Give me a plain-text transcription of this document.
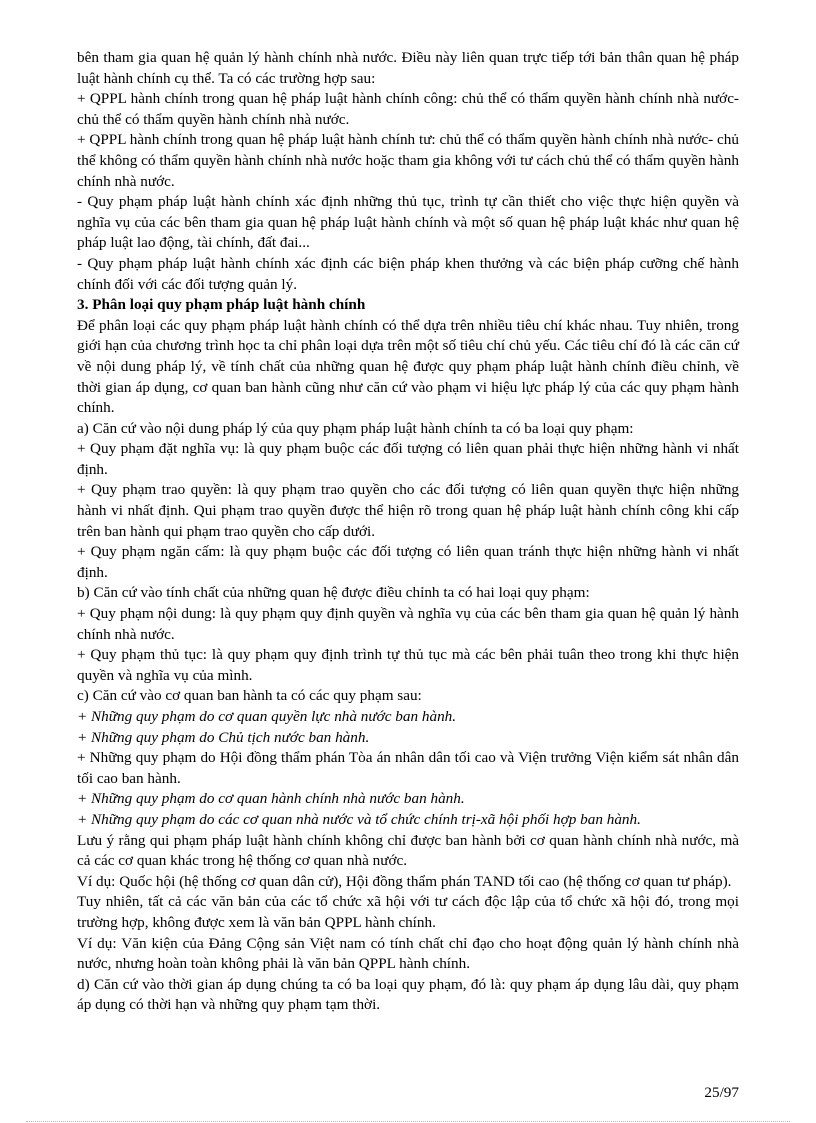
bên tham gia quan hệ quản lý hành chính nhà nước. Điều này liên quan trực tiếp tới bản thân quan hệ pháp luật hành chính cụ thể. Ta có các trường hợp sau:

+ QPPL hành chính trong quan hệ pháp luật hành chính công: chủ thể có thẩm quyền hành chính nhà nước- chủ thể có thẩm quyền hành chính nhà nước.

+ QPPL hành chính trong quan hệ pháp luật hành chính tư: chủ thể có thẩm quyền hành chính nhà nước- chủ thể không có thẩm quyền hành chính nhà nước hoặc tham gia không với tư cách chủ thể có thẩm quyền hành chính nhà nước.

- Quy phạm pháp luật hành chính xác định những thủ tục, trình tự cần thiết cho việc thực hiện quyền và nghĩa vụ của các bên tham gia quan hệ pháp luật hành chính và một số quan hệ pháp luật khác như quan hệ pháp luật lao động, tài chính, đất đai...

- Quy phạm pháp luật hành chính xác định các biện pháp khen thưởng và các biện pháp cưỡng chế hành chính đối với các đối tượng quản lý.

3. Phân loại quy phạm pháp luật hành chính

Để phân loại các quy phạm pháp luật hành chính có thể dựa trên nhiều tiêu chí khác nhau. Tuy nhiên, trong giới hạn của chương trình học ta chỉ phân loại dựa trên một số tiêu chí chủ yếu. Các tiêu chí đó là các căn cứ về nội dung pháp lý, về tính chất của những quan hệ được quy phạm pháp luật hành chính điều chỉnh, về thời gian áp dụng, cơ quan ban hành cũng như căn cứ vào phạm vi hiệu lực pháp lý của các quy phạm hành chính.

a) Căn cứ vào nội dung pháp lý của quy phạm pháp luật hành chính ta có ba loại quy phạm:

+ Quy phạm đặt nghĩa vụ: là quy phạm buộc các đối tượng có liên quan phải thực hiện những hành vi nhất định.

+ Quy phạm trao quyền: là quy phạm trao quyền cho các đối tượng có liên quan quyền thực hiện những hành vi nhất định. Qui phạm trao quyền được thể hiện rõ trong quan hệ pháp luật hành chính công khi cấp trên ban hành qui phạm trao quyền cho cấp dưới.

+ Quy phạm ngăn cấm: là quy phạm buộc các đối tượng có liên quan tránh thực hiện những hành vi nhất định.

b) Căn cứ vào tính chất của những quan hệ được điều chỉnh ta có hai loại quy phạm:

+ Quy phạm nội dung: là quy phạm quy định quyền và nghĩa vụ của các bên tham gia quan hệ quản lý hành chính nhà nước.

+ Quy phạm thủ tục: là quy phạm quy định trình tự thủ tục mà các bên phải tuân theo trong khi thực hiện quyền và nghĩa vụ của mình.

c) Căn cứ vào cơ quan ban hành ta có các quy phạm sau:

+ Những quy phạm do cơ quan quyền lực nhà nước ban hành.

+ Những quy phạm do Chủ tịch nước ban hành.

+ Những quy phạm do Hội đồng thẩm phán Tòa án nhân dân tối cao và Viện trưởng Viện kiểm sát nhân dân tối cao ban hành.

+ Những quy phạm do cơ quan hành chính nhà nước ban hành.

+ Những quy phạm do các cơ quan nhà nước và tổ chức chính trị-xã hội phối hợp ban hành.

Lưu ý rằng qui phạm pháp luật hành chính không chỉ được ban hành bởi cơ quan hành chính nhà nước, mà cả các cơ quan khác trong hệ thống cơ quan nhà nước.

Ví dụ: Quốc hội (hệ thống cơ quan dân cử), Hội đồng thẩm phán TAND tối cao (hệ thống cơ quan tư pháp).

Tuy nhiên, tất cả các văn bản của các tổ chức xã hội với tư cách độc lập của tổ chức xã hội đó, trong mọi trường hợp, không được xem là văn bản QPPL hành chính.

Ví dụ: Văn kiện của Đảng Cộng sản Việt nam có tính chất chỉ đạo cho hoạt động quản lý hành chính nhà nước, nhưng hoàn toàn không phải là văn bản QPPL hành chính.

d) Căn cứ vào thời gian áp dụng chúng ta có ba loại quy phạm, đó là: quy phạm áp dụng lâu dài, quy phạm áp dụng có thời hạn và những quy phạm tạm thời.

25/97
